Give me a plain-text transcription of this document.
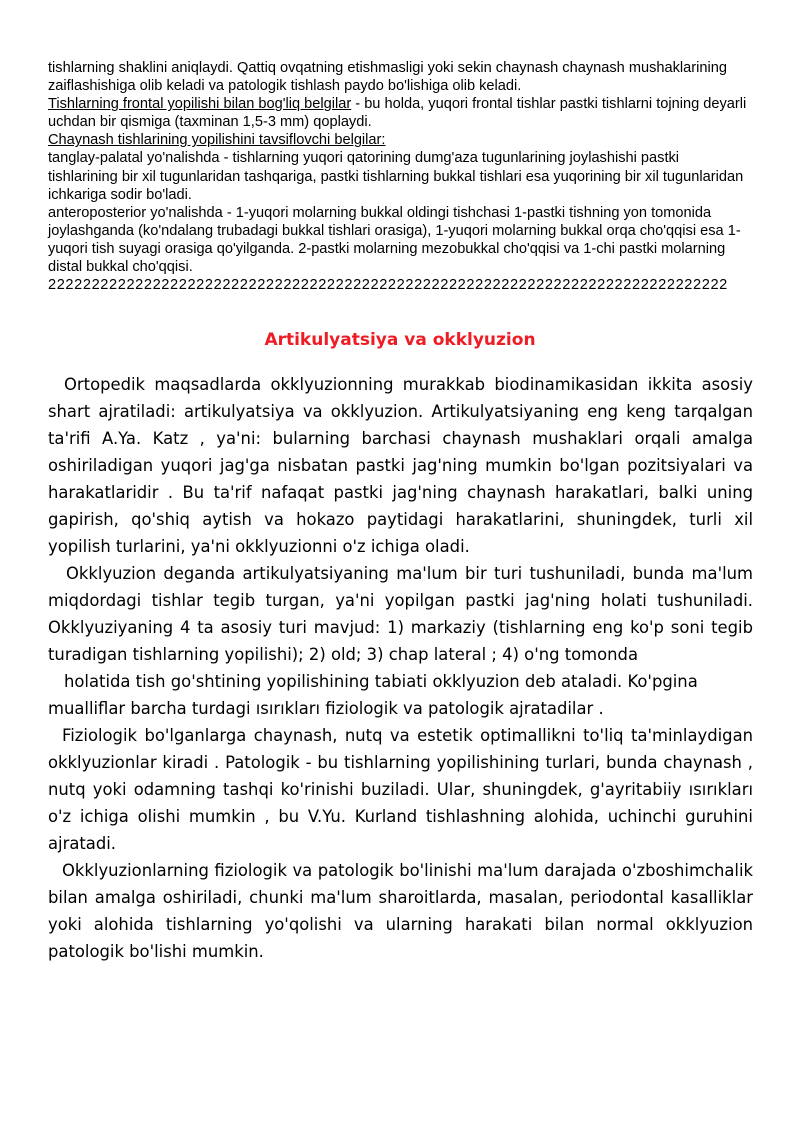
tishlarning shaklini aniqlaydi. Qattiq ovqatning etishmasligi yoki sekin chaynash chaynash mushaklarining zaiflashishiga olib keladi va patologik tishlash paydo bo'lishiga olib keladi.

Tishlarning frontal yopilishi bilan bog'liq belgilar - bu holda, yuqori frontal tishlar pastki tishlarni tojning deyarli uchdan bir qismiga (taxminan 1,5-3 mm) qoplaydi.

Chaynash tishlarining yopilishini tavsiflovchi belgilar:

tanglay-palatal yo'nalishda - tishlarning yuqori qatorining dumg'aza tugunlarining joylashishi pastki tishlarining bir xil tugunlaridan tashqariga, pastki tishlarning bukkal tishlari esa yuqorining bir xil tugunlaridan ichkariga sodir bo'ladi.

anteroposterior yo'nalishda - 1-yuqori molarning bukkal oldingi tishchasi 1-pastki tishning yon tomonida joylashganda (ko'ndalang trubadagi bukkal tishlari orasiga), 1-yuqori molarning bukkal orqa cho'qqisi esa 1-yuqori tish suyagi orasiga qo'yilganda. 2-pastki molarning mezobukkal cho'qqisi va 1-chi pastki molarning distal bukkal cho'qqisi.

222222222222222222222222222222222222222222222222222222222222222222222222222222

Artikulyatsiya va okklyuzion

Ortopedik maqsadlarda okklyuzionning murakkab biodinamikasidan ikkita asosiy shart ajratiladi: artikulyatsiya va okklyuzion. Artikulyatsiyaning eng keng tarqalgan ta'rifi A.Ya. Katz , ya'ni: bularning barchasi chaynash mushaklari orqali amalga oshiriladigan yuqori jag'ga nisbatan pastki jag'ning mumkin bo'lgan pozitsiyalari va harakatlaridir . Bu ta'rif nafaqat pastki jag'ning chaynash harakatlari, balki uning gapirish, qo'shiq aytish va hokazo paytidagi harakatlarini, shuningdek, turli xil yopilish turlarini, ya'ni okklyuzionni o'z ichiga oladi.

Okklyuzion deganda artikulyatsiyaning ma'lum bir turi tushuniladi, bunda ma'lum miqdordagi tishlar tegib turgan, ya'ni yopilgan pastki jag'ning holati tushuniladi. Okklyuziyaning 4 ta asosiy turi mavjud: 1) markaziy (tishlarning eng ko'p soni tegib turadigan tishlarning yopilishi); 2) old; 3) chap lateral ; 4) o'ng tomonda

holatida tish go'shtining yopilishining tabiati okklyuzion deb ataladi. Ko'pgina mualliflar barcha turdagi ısırıkları fiziologik va patologik ajratadilar .

Fiziologik bo'lganlarga chaynash, nutq va estetik optimallikni to'liq ta'minlaydigan okklyuzionlar kiradi . Patologik - bu tishlarning yopilishining turlari, bunda chaynash , nutq yoki odamning tashqi ko'rinishi buziladi. Ular, shuningdek, g'ayritabiiy ısırıkları o'z ichiga olishi mumkin , bu V.Yu. Kurland tishlashning alohida, uchinchi guruhini ajratadi.

Okklyuzionlarning fiziologik va patologik bo'linishi ma'lum darajada o'zboshimchalik bilan amalga oshiriladi, chunki ma'lum sharoitlarda, masalan, periodontal kasalliklar yoki alohida tishlarning yo'qolishi va ularning harakati bilan normal okklyuzion patologik bo'lishi mumkin.
